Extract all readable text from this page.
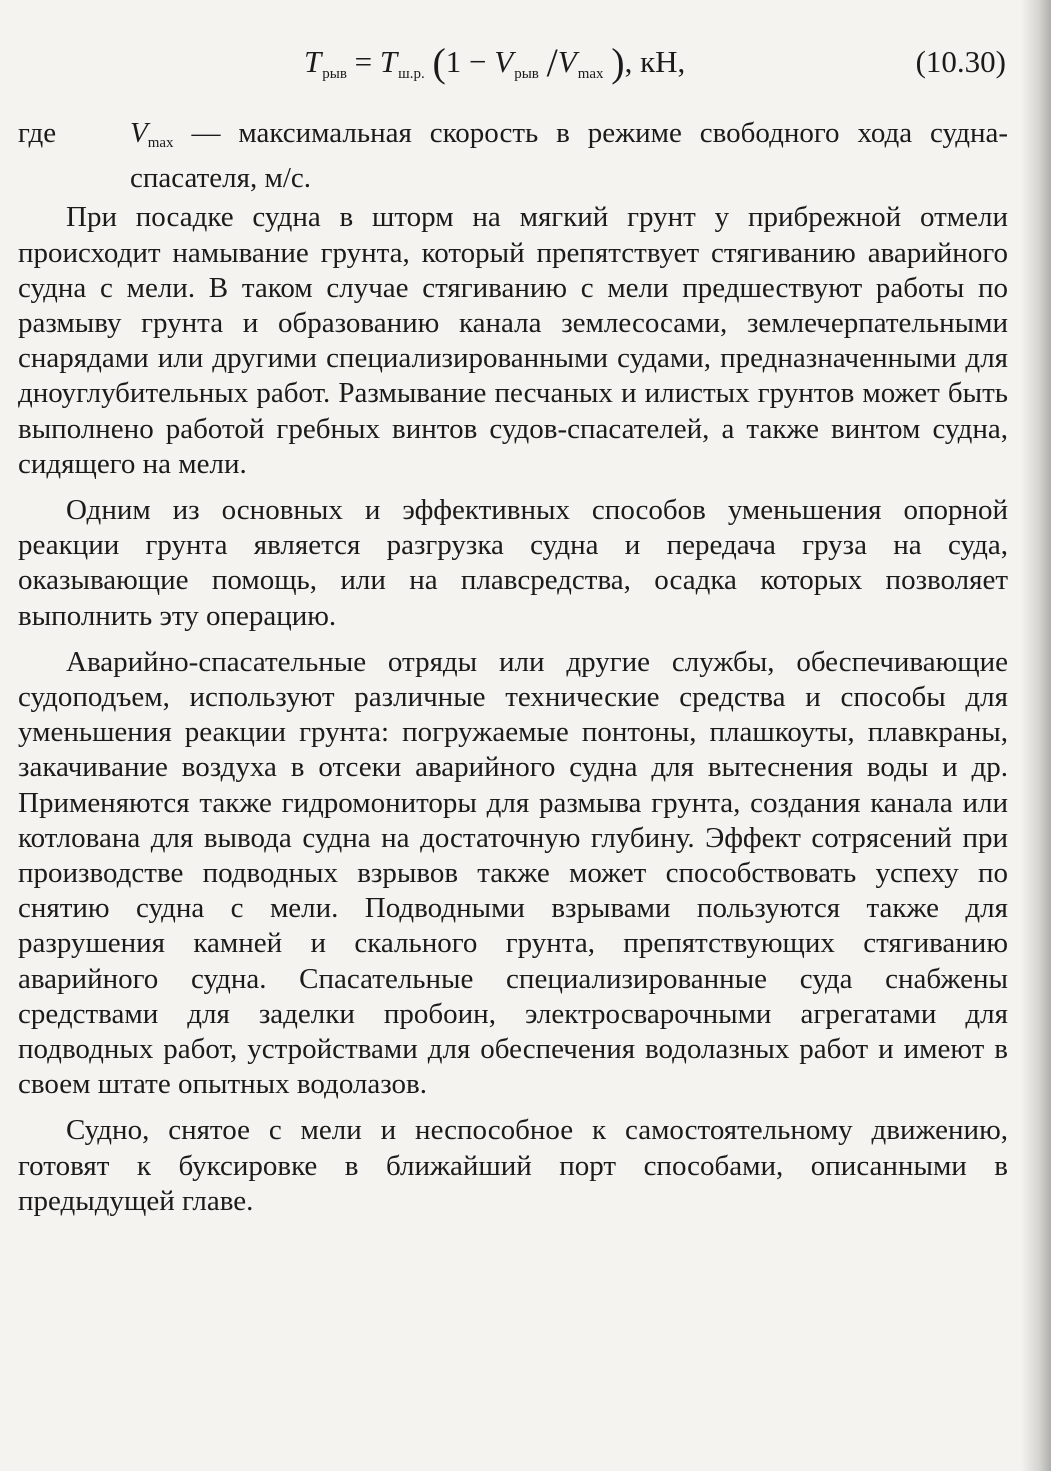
$T_{рыв} = T_{ш.р.}$ ($1 - V_{рыв}$ $/V_{max}$ ), кН,	(10.30)
где	$V_{max}$ — максимальная скорость в режиме свободного хода судна-спасателя, м/с.

При посадке судна в шторм на мягкий грунт у прибрежной отмели происходит намывание грунта, который препятствует стягиванию аварийного судна с мели. В таком случае стягиванию с мели предшествуют работы по размыву грунта и образованию канала землесосами, землечерпательными снарядами или другими специализированными судами, предназначенными для дноуглубительных работ. Размывание песчаных и илистых грунтов может быть выполнено работой гребных винтов судов-спасателей, а также винтом судна, сидящего на мели.

Одним из основных и эффективных способов уменьшения опорной реакции грунта является разгрузка судна и передача груза на суда, оказывающие помощь, или на плавсредства, осадка которых позволяет выполнить эту операцию.

Аварийно-спасательные отряды или другие службы, обеспечивающие судоподъем, используют различные технические средства и способы для уменьшения реакции грунта: погружаемые понтоны, плашкоуты, плавкраны, закачивание воздуха в отсеки аварийного судна для вытеснения воды и др. Применяются также гидромониторы для размыва грунта, создания канала или котлована для вывода судна на достаточную глубину. Эффект сотрясений при производстве подводных взрывов также может способствовать успеху по снятию судна с мели. Подводными взрывами пользуются также для разрушения камней и скального грунта, препятствующих стягиванию аварийного судна. Спасательные специализированные суда снабжены средствами для заделки пробоин, электросварочными агрегатами для подводных работ, устройствами для обеспечения водолазных работ и имеют в своем штате опытных водолазов.

Судно, снятое с мели и неспособное к самостоятельному движению, готовят к буксировке в ближайший порт способами, описанными в предыдущей главе.
